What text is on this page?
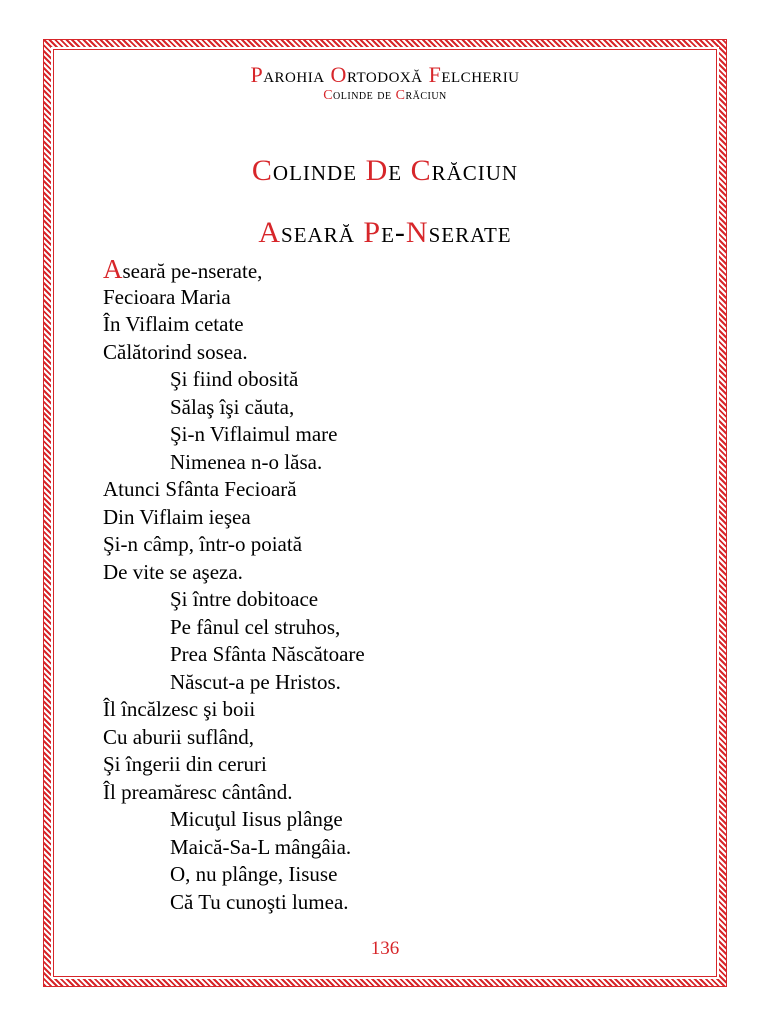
Parohia Ortodoxă Felcheriu
Colinde de Crăciun
Colinde De Crăciun
Aseară Pe-Nserate
Aseară pe-nserate,
Fecioara Maria
În Viflaim cetate
Călătorind sosea.
Şi fiind obosită
Sălaş îşi căuta,
Şi-n Viflaimul mare
Nimenea n-o lăsa.
Atunci Sfânta Fecioară
Din Viflaim ieşea
Şi-n câmp, într-o poiată
De vite se aşeza.
Şi între dobitoace
Pe fânul cel struhos,
Prea Sfânta Născătoare
Născut-a pe Hristos.
Îl încălzesc şi boii
Cu aburii suflând,
Şi îngerii din ceruri
Îl preamăresc cântând.
Micuţul Iisus plânge
Maică-Sa-L mângâia.
O, nu plânge, Iisuse
Că Tu cunoşti lumea.
136
